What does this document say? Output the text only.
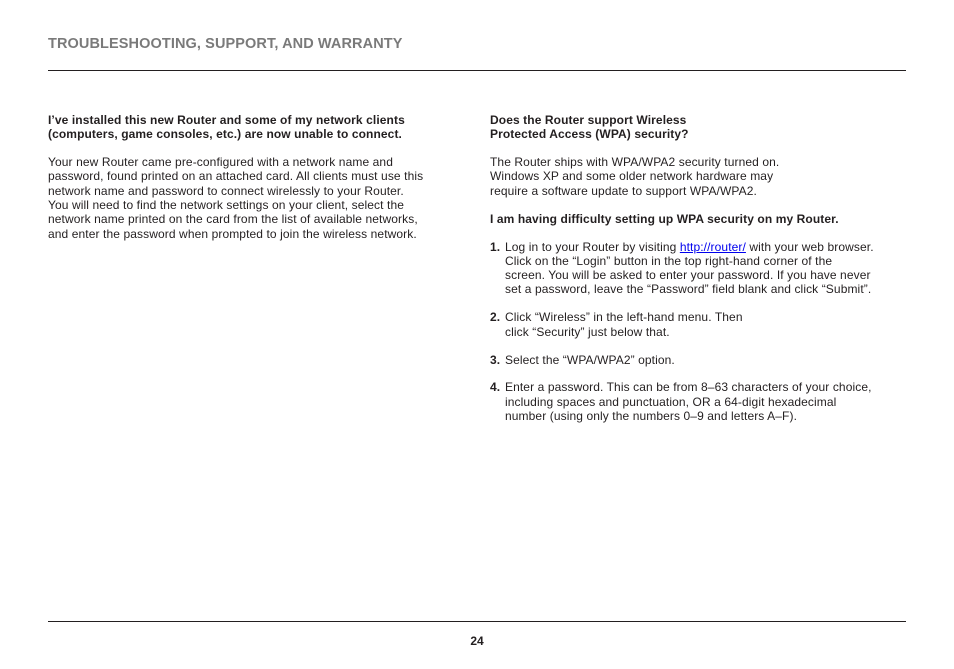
TROUBLESHOOTING, SUPPORT, AND WARRANTY
I’ve installed this new Router and some of my network clients
(computers, game consoles, etc.) are now unable to connect.
Your new Router came pre-configured with a network name and
password, found printed on an attached card. All clients must use this
network name and password to connect wirelessly to your Router.
You will need to find the network settings on your client, select the
network name printed on the card from the list of available networks,
and enter the password when prompted to join the wireless network.
Does the Router support Wireless
Protected Access (WPA) security?
The Router ships with WPA/WPA2 security turned on.
Windows XP and some older network hardware may
require a software update to support WPA/WPA2.
I am having difficulty setting up WPA security on my Router.
1. Log in to your Router by visiting http://router/ with your web browser.
Click on the “Login” button in the top right-hand corner of the
screen. You will be asked to enter your password. If you have never
set a password, leave the “Password” field blank and click “Submit”.
2. Click “Wireless” in the left-hand menu. Then
click “Security” just below that.
3. Select the “WPA/WPA2” option.
4. Enter a password. This can be from 8–63 characters of your choice,
including spaces and punctuation, OR a 64-digit hexadecimal
number (using only the numbers 0–9 and letters A–F).
24
